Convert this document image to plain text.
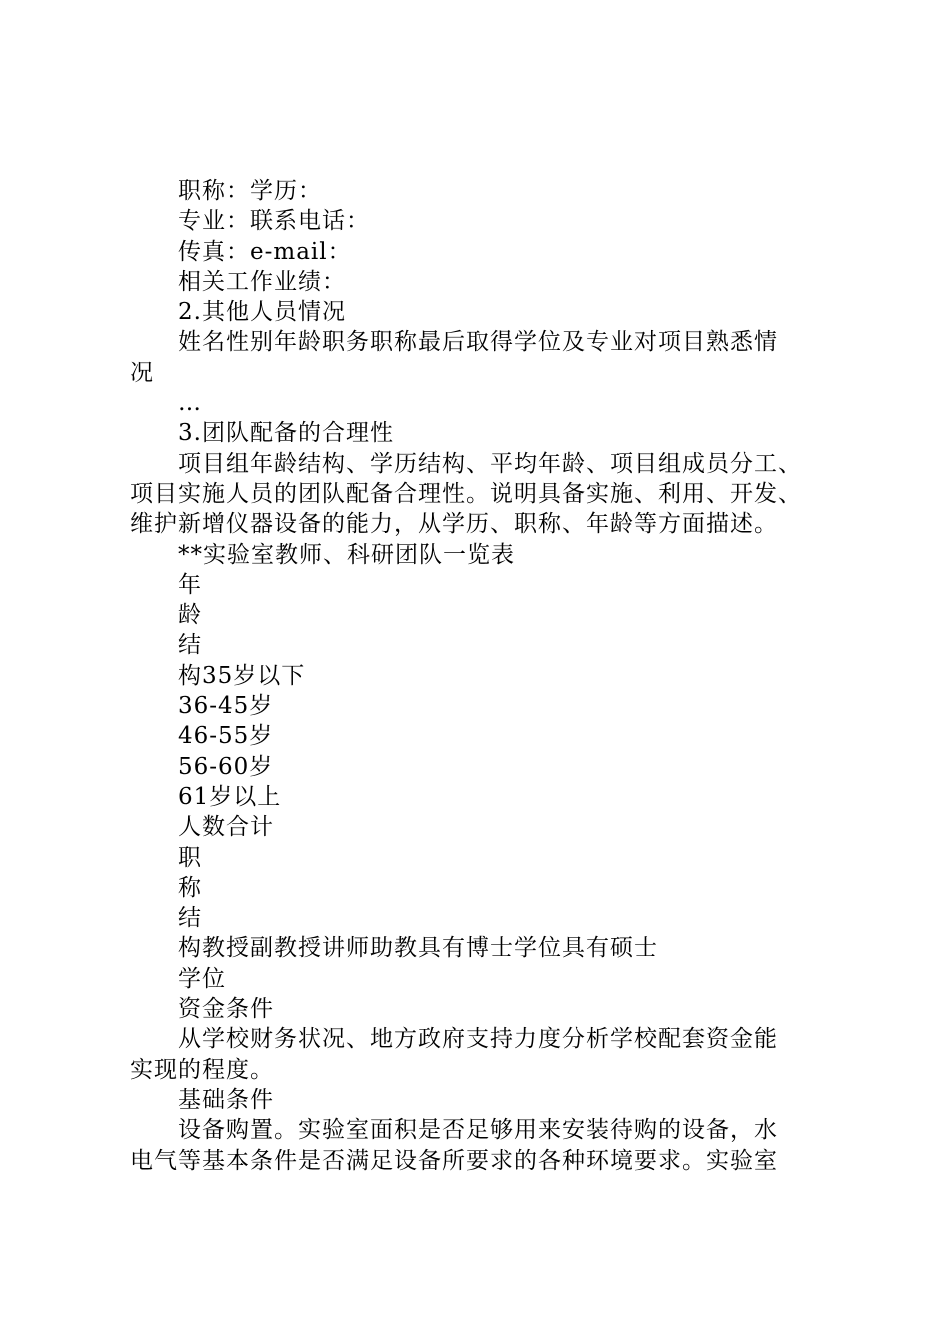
职称：学历：
专业：联系电话：
传真：e-mail：
相关工作业绩：
2.其他人员情况
姓名性别年龄职务职称最后取得学位及专业对项目熟悉情
况
…
3.团队配备的合理性
项目组年龄结构、学历结构、平均年龄、项目组成员分工、
项目实施人员的团队配备合理性。说明具备实施、利用、开发、
维护新增仪器设备的能力，从学历、职称、年龄等方面描述。
**实验室教师、科研团队一览表
年
龄
结
构35岁以下
36-45岁
46-55岁
56-60岁
61岁以上
人数合计
职
称
结
构教授副教授讲师助教具有博士学位具有硕士
学位
资金条件
从学校财务状况、地方政府支持力度分析学校配套资金能
实现的程度。
基础条件
设备购置。实验室面积是否足够用来安装待购的设备，水
电气等基本条件是否满足设备所要求的各种环境要求。实验室
